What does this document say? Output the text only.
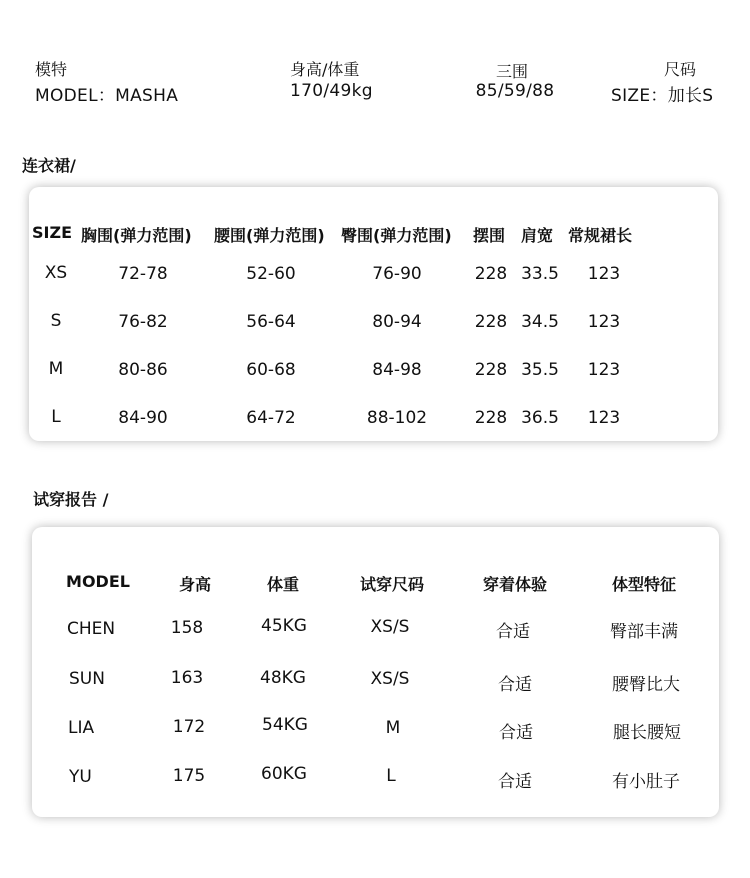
模特
MODEL：MASHA
身高/体重
170/49kg
三围
85/59/88
尺码
SIZE：加长S
连衣裙/
SIZE 胸围(弹力范围) 腰围(弹力范围) 臀围(弹力范围) 摆围 肩宽 常规裙长
XS	72-78	52-60	76-90	228 33.5 123
S	76-82	56-64	80-94	228 34.5 123
M	80-86	60-68	84-98	228 35.5 123
L	84-90	64-72	88-102	228 36.5 123
试穿报告 /
MODEL	身高	体重	试穿尺码	穿着体验	体型特征
CHEN	158	45KG	XS/S	合适	臀部丰满
SUN	163	48KG	XS/S	合适	腰臀比大
LIA	172	54KG	M	合适	腿长腰短
YU	175	60KG	L	合适	有小肚子
